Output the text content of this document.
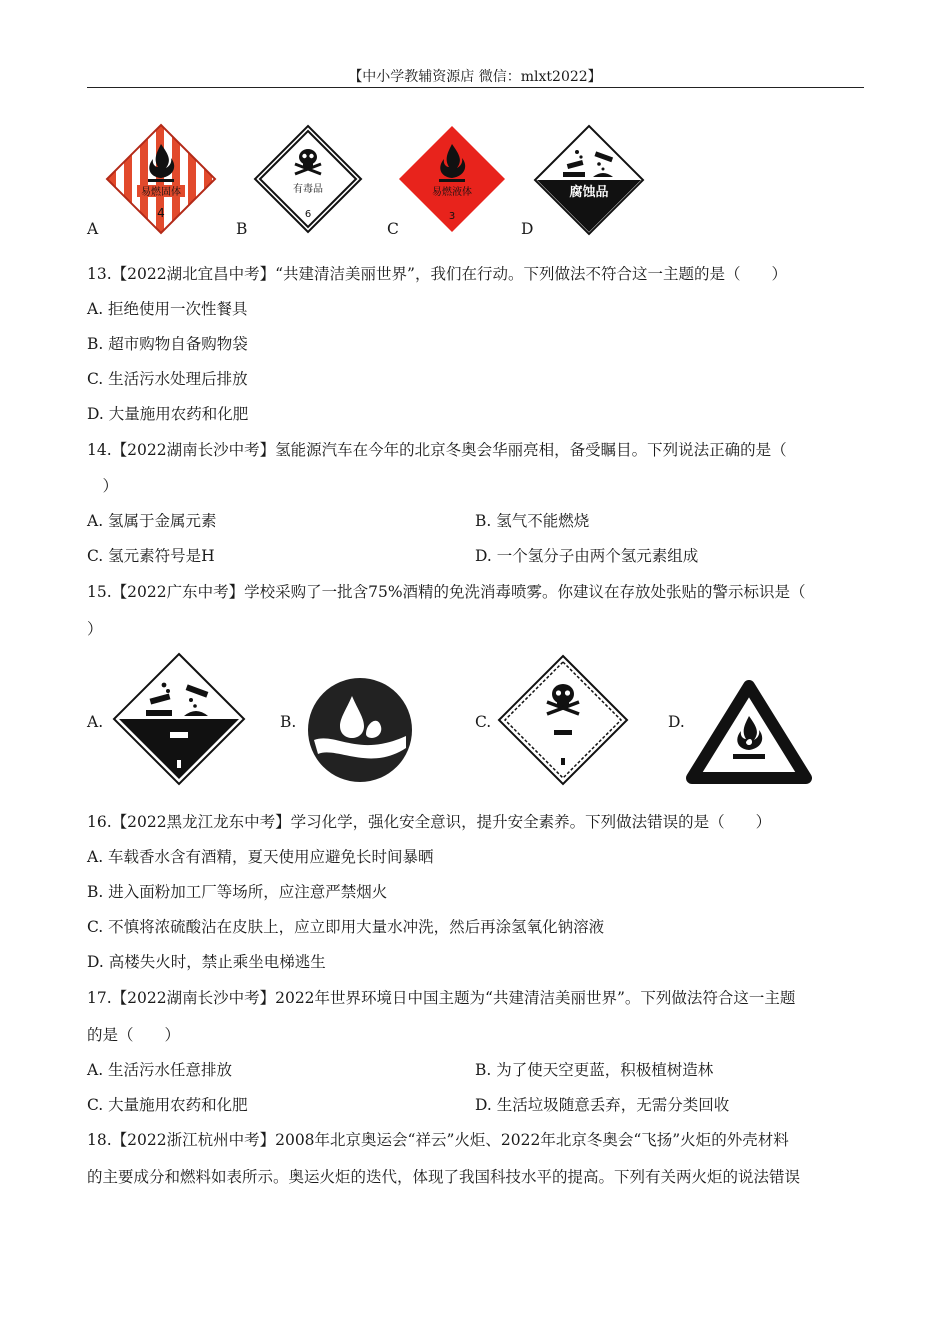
【中小学教辅资源店 微信：mlxt2022】
易燃固体
4
A
有毒品
6
B
易燃液体
3
C
腐蚀品
D
13.【2022湖北宜昌中考】“共建清洁美丽世界”，我们在行动。下列做法不符合这一主题的是（　　）
A. 拒绝使用一次性餐具
B. 超市购物自备购物袋
C. 生活污水处理后排放
D. 大量施用农药和化肥
14.【2022湖南长沙中考】氢能源汽车在今年的北京冬奥会华丽亮相，备受瞩目。下列说法正确的是（
　）
A. 氢属于金属元素	B. 氢气不能燃烧
C. 氢元素符号是H	D. 一个氢分子由两个氢元素组成
15.【2022广东中考】学校采购了一批含75%酒精的免洗消毒喷雾。你建议在存放处张贴的警示标识是（
）
A.	B.	C.	D.
16.【2022黑龙江龙东中考】学习化学，强化安全意识，提升安全素养。下列做法错误的是（　　）
A. 车载香水含有酒精，夏天使用应避免长时间暴晒
B. 进入面粉加工厂等场所，应注意严禁烟火
C. 不慎将浓硫酸沾在皮肤上，应立即用大量水冲洗，然后再涂氢氧化钠溶液
D. 高楼失火时，禁止乘坐电梯逃生
17.【2022湖南长沙中考】2022年世界环境日中国主题为“共建清洁美丽世界”。下列做法符合这一主题
的是（　　）
A. 生活污水任意排放	B. 为了使天空更蓝，积极植树造林
C. 大量施用农药和化肥	D. 生活垃圾随意丢弃，无需分类回收
18.【2022浙江杭州中考】2008年北京奥运会“祥云”火炬、2022年北京冬奥会“飞扬”火炬的外壳材料
的主要成分和燃料如表所示。奥运火炬的迭代，体现了我国科技水平的提高。下列有关两火炬的说法错误
